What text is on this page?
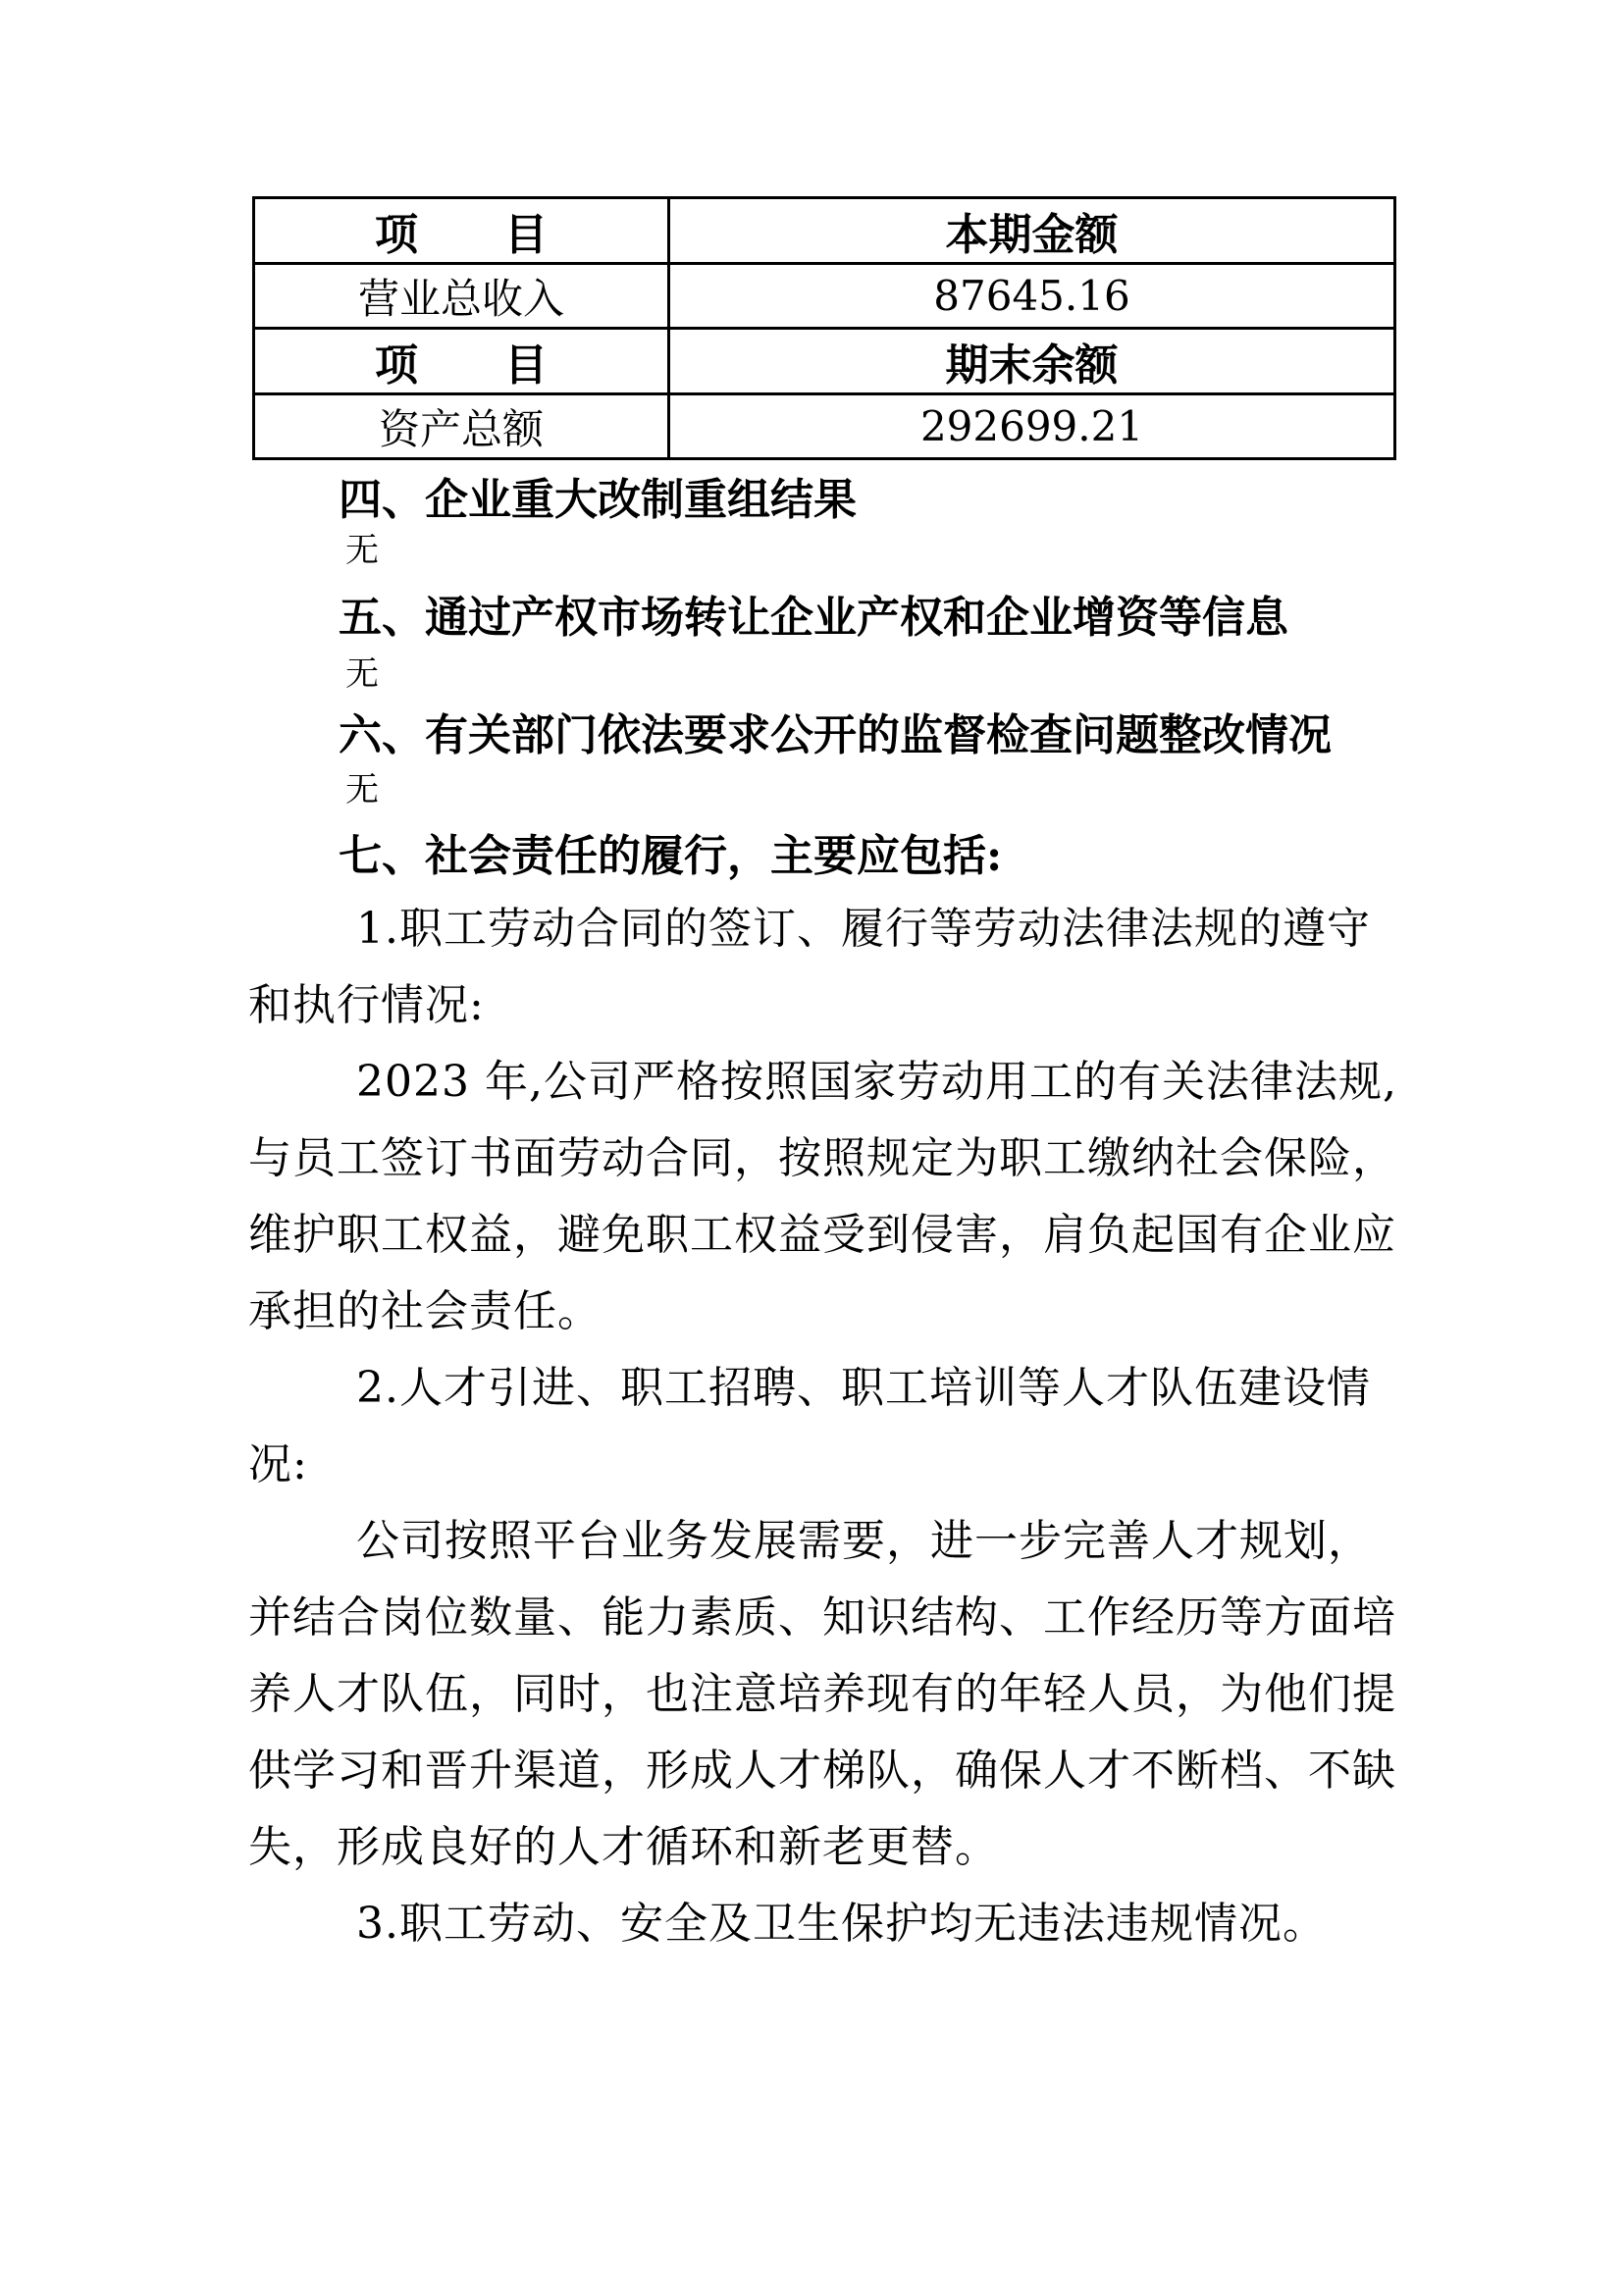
项　　目	本期金额
营业总收入	87645.16
项　　目	期末余额
资产总额	292699.21
四、企业重大改制重组结果
无
五、通过产权市场转让企业产权和企业增资等信息
无
六、有关部门依法要求公开的监督检查问题整改情况
无
七、社会责任的履行，主要应包括:
1.职工劳动合同的签订、履行等劳动法律法规的遵守
和执行情况:
2023 年,公司严格按照国家劳动用工的有关法律法规,
与员工签订书面劳动合同，按照规定为职工缴纳社会保险，
维护职工权益，避免职工权益受到侵害，肩负起国有企业应
承担的社会责任。
2.人才引进、职工招聘、职工培训等人才队伍建设情
况:
公司按照平台业务发展需要，进一步完善人才规划，
并结合岗位数量、能力素质、知识结构、工作经历等方面培
养人才队伍，同时，也注意培养现有的年轻人员，为他们提
供学习和晋升渠道，形成人才梯队，确保人才不断档、不缺
失，形成良好的人才循环和新老更替。
3.职工劳动、安全及卫生保护均无违法违规情况。
